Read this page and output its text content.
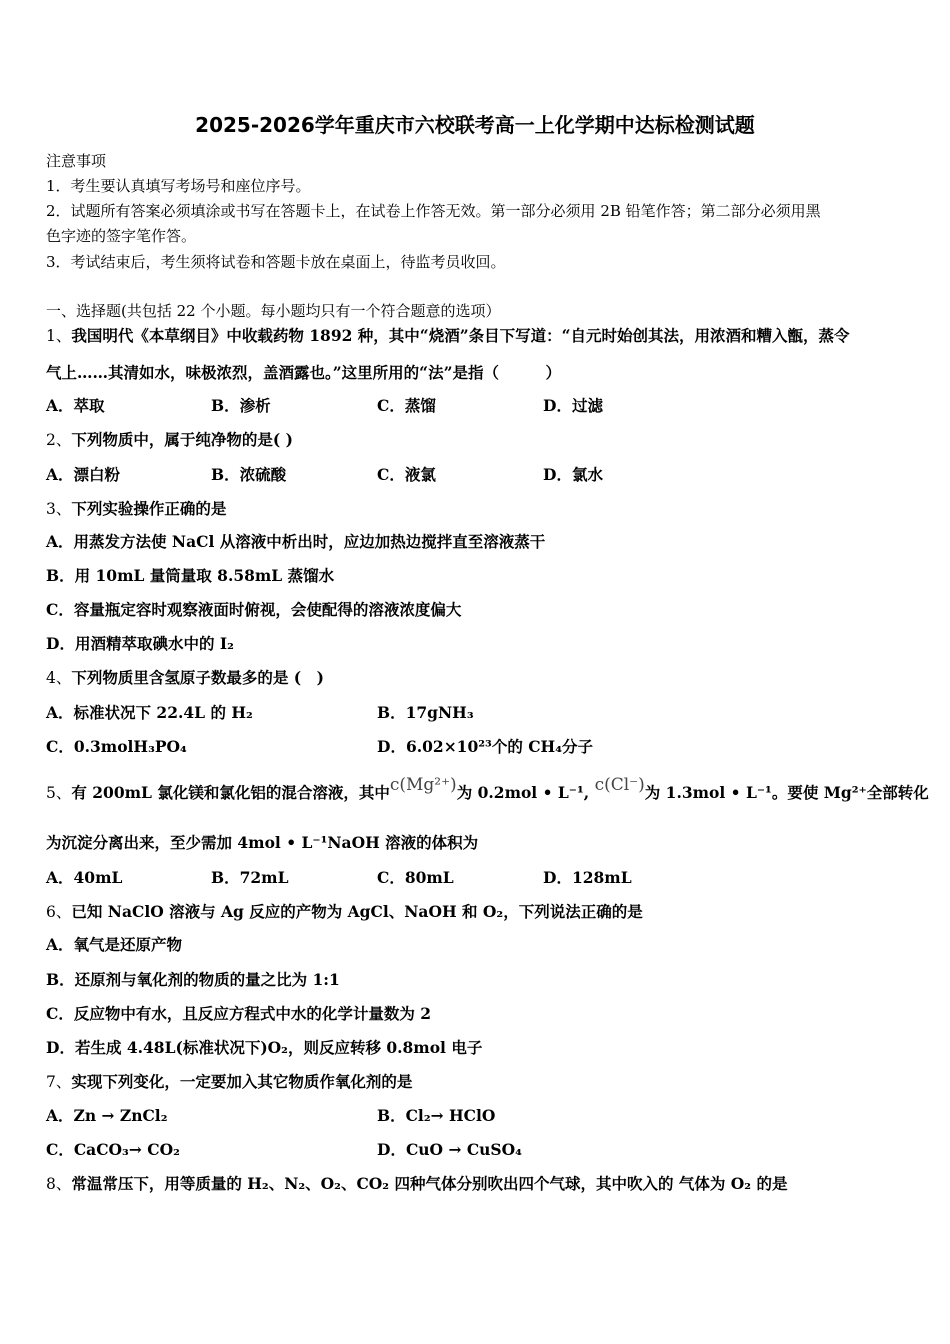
2025-2026学年重庆市六校联考高一上化学期中达标检测试题
注意事项
1．考生要认真填写考场号和座位序号。
2．试题所有答案必须填涂或书写在答题卡上，在试卷上作答无效。第一部分必须用 2B 铅笔作答；第二部分必须用黑
色字迹的签字笔作答。
3．考试结束后，考生须将试卷和答题卡放在桌面上，待监考员收回。
一、选择题(共包括 22 个小题。每小题均只有一个符合题意的选项）
1、我国明代《本草纲目》中收载药物 1892 种，其中“烧酒”条目下写道：“自元时始创其法，用浓酒和糟入甑，蒸令
气上……其清如水，味极浓烈，盖酒露也。”这里所用的“法”是指（　　　）
A．萃取	B．渗析	C．蒸馏	D．过滤
2、下列物质中，属于纯净物的是( )
A．漂白粉	B．浓硫酸	C．液氯	D．氯水
3、下列实验操作正确的是
A．用蒸发方法使 NaCl 从溶液中析出时，应边加热边搅拌直至溶液蒸干
B．用 10mL 量筒量取 8.58mL 蒸馏水
C．容量瓶定容时观察液面时俯视，会使配得的溶液浓度偏大
D．用酒精萃取碘水中的 I₂
4、下列物质里含氢原子数最多的是 (　)
A．标准状况下 22.4L 的 H₂	B．17gNH₃
C．0.3molH₃PO₄	D．6.02×10²³个的 CH₄分子
5、有 200mL 氯化镁和氯化铝的混合溶液，其中c(Mg²⁺)为 0.2mol • L⁻¹, c(Cl⁻)为 1.3mol • L⁻¹。要使 Mg²⁺全部转化
为沉淀分离出来，至少需加 4mol • L⁻¹NaOH 溶液的体积为
A．40mL	B．72mL	C．80mL	D．128mL
6、已知 NaClO 溶液与 Ag 反应的产物为 AgCl、NaOH 和 O₂，下列说法正确的是
A．氧气是还原产物
B．还原剂与氧化剂的物质的量之比为 1:1
C．反应物中有水，且反应方程式中水的化学计量数为 2
D．若生成 4.48L(标准状况下)O₂，则反应转移 0.8mol 电子
7、实现下列变化，一定要加入其它物质作氧化剂的是
A．Zn → ZnCl₂	B．Cl₂→ HClO
C．CaCO₃→ CO₂	D．CuO → CuSO₄
8、常温常压下，用等质量的 H₂、N₂、O₂、CO₂ 四种气体分别吹出四个气球，其中吹入的 气体为 O₂ 的是
